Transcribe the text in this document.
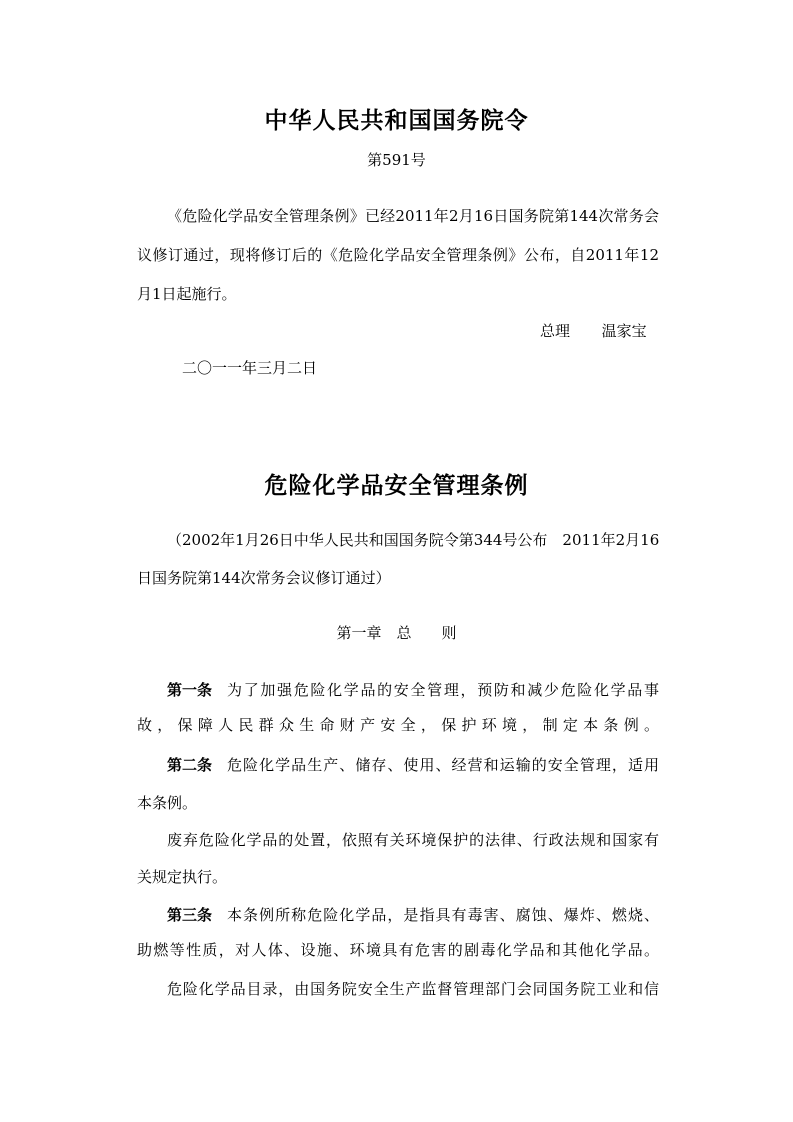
中华人民共和国国务院令
第591号
《危险化学品安全管理条例》已经2011年2月16日国务院第144次常务会
议修订通过，现将修订后的《危险化学品安全管理条例》公布，自2011年12
月1日起施行。
总理 温家宝
二〇一一年三月二日
危险化学品安全管理条例
（2002年1月26日中华人民共和国国务院令第344号公布　2011年2月16
日国务院第144次常务会议修订通过）
第一章　总　　则
第一条 为了加强危险化学品的安全管理，预防和减少危险化学品事
故，保障人民群众生命财产安全，保护环境，制定本条例。
第二条 危险化学品生产、储存、使用、经营和运输的安全管理，适用
本条例。
废弃危险化学品的处置，依照有关环境保护的法律、行政法规和国家有
关规定执行。
第三条 本条例所称危险化学品，是指具有毒害、腐蚀、爆炸、燃烧、
助燃等性质，对人体、设施、环境具有危害的剧毒化学品和其他化学品。
危险化学品目录，由国务院安全生产监督管理部门会同国务院工业和信
